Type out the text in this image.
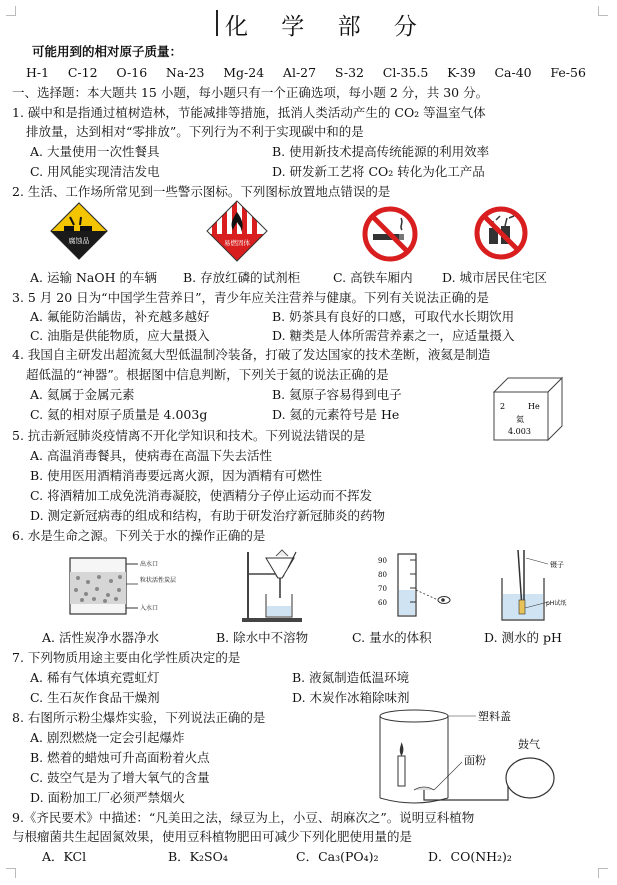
化 学 部 分
可能用到的相对原子质量：
H-1 C-12 O-16 Na-23 Mg-24 Al-27 S-32 Cl-35.5 K-39 Ca-40 Fe-56
一、选择题：本大题共 15 小题，每小题只有一个正确选项，每小题 2 分，共 30 分。
1. 碳中和是指通过植树造林，节能减排等措施，抵消人类活动产生的 CO₂ 等温室气体
排放量，达到相对“零排放”。下列行为不利于实现碳中和的是
A. 大量使用一次性餐具	B. 使用新技术提高传统能源的利用效率
C. 用风能实现清洁发电	D. 研发新工艺将 CO₂ 转化为化工产品
2. 生活、工作场所常见到一些警示图标。下列图标放置地点错误的是
腐蚀品	易燃固体
A. 运输 NaOH 的车辆 B. 存放红磷的试剂柜	C. 高铁车厢内 D. 城市居民住宅区
3. 5 月 20 日为“中国学生营养日”，青少年应关注营养与健康。下列有关说法正确的是
A. 氟能防治龋齿，补充越多越好	B. 奶茶具有良好的口感，可取代水长期饮用
C. 油脂是供能物质，应大量摄入	D. 糖类是人体所需营养素之一，应适量摄入
4. 我国自主研发出超流氦大型低温制冷装备，打破了发达国家的技术垄断，液氦是制造
超低温的“神器”。根据图中信息判断，下列关于氦的说法正确的是
A. 氦属于金属元素	B. 氦原子容易得到电子
C. 氦的相对原子质量是 4.003g	D. 氦的元素符号是 He
2	He
氦
4.003
5. 抗击新冠肺炎疫情离不开化学知识和技术。下列说法错误的是
A. 高温消毒餐具，使病毒在高温下失去活性
B. 使用医用酒精消毒要远离火源，因为酒精有可燃性
C. 将酒精加工成免洗消毒凝胶，使酒精分子停止运动而不挥发
D. 测定新冠病毒的组成和结构，有助于研发治疗新冠肺炎的药物
6. 水是生命之源。下列关于水的操作正确的是
出水口
粒状活性炭层
入水口
90
80
70
60
镊子
pH试纸
A. 活性炭净水器净水	B. 除水中不溶物	C. 量水的体积	D. 测水的 pH
7. 下列物质用途主要由化学性质决定的是
A. 稀有气体填充霓虹灯	B. 液氮制造低温环境
C. 生石灰作食品干燥剂	D. 木炭作冰箱除味剂
8. 右图所示粉尘爆炸实验，下列说法正确的是
A. 剧烈燃烧一定会引起爆炸
B. 燃着的蜡烛可升高面粉着火点
C. 鼓空气是为了增大氧气的含量
D. 面粉加工厂必须严禁烟火
塑料盖
鼓气
面粉
9.《齐民要术》中描述：“凡美田之法，绿豆为上，小豆、胡麻次之”。说明豆科植物
与根瘤菌共生起固氮效果，使用豆科植物肥田可减少下列化肥使用量的是
A．KCl	B．K₂SO₄	C．Ca₃(PO₄)₂	D．CO(NH₂)₂
